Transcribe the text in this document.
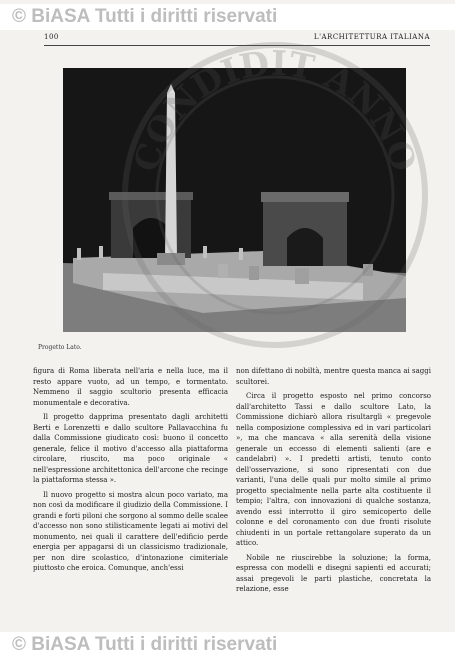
© BiASA Tutti i diritti riservati
100	L'ARCHITETTURA ITALIANA
CONDIDIT ANNO
Progetto Lato.

figura di Roma liberata nell'aria e nella luce, ma il resto appare vuoto, ad un tempo, e tormentato. Nemmeno il saggio scultorio presenta efficacia monumentale e decorativa.

Il progetto dapprima presentato dagli architetti Berti e Lorenzetti e dallo scultore Pallavacchina fu dalla Commissione giudicato così: buono il concetto generale, felice il motivo d'accesso alla piattaforma circolare, riuscito, ma poco originale « nell'espressione architettonica dell'arcone che recinge la piattaforma stessa ».

Il nuovo progetto si mostra alcun poco variato, ma non così da modificare il giudizio della Commissione. I grandi e forti piloni che sorgono al sommo delle scalee d'accesso non sono stilisticamente legati ai motivi del monumento, nei quali il carattere dell'edificio perde energia per appagarsi di un classicismo tradizionale, per non dire scolastico, d'intonazione cimiteriale piuttosto che eroica. Comunque, anch'essi

non difettano di nobiltà, mentre questa manca ai saggi scultorei.

Circa il progetto esposto nel primo concorso dall'architetto Tassi e dallo scultore Lato, la Commissione dichiarò allora risultargli « pregevole nella composizione complessiva ed in vari particolari », ma che mancava « alla serenità della visione generale un eccesso di elementi salienti (are e candelabri) ». I predetti artisti, tenuto conto dell'osservazione, si sono ripresentati con due varianti, l'una delle quali pur molto simile al primo progetto specialmente nella parte alta costituente il tempio; l'altra, con innovazioni di qualche sostanza, avendo essi interrotto il giro semicoperto delle colonne e del coronamento con due fronti risolute chiudenti in un portale rettangolare superato da un attico.

Nobile ne riuscirebbe la soluzione; la forma, espressa con modelli e disegni sapienti ed accurati; assai pregevoli le parti plastiche, concretata la relazione, esse

© BiASA Tutti i diritti riservati
